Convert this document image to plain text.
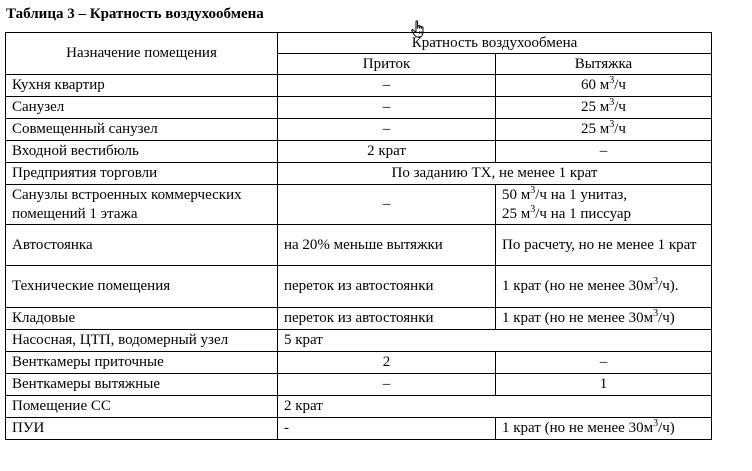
Таблица 3 – Кратность воздухообмена
Назначение помещения	Кратность воздухообмена	
	Приток	Вытяжка
Кухня квартир	–	60 $м^3/ч$
Санузел	–	25 $м^3/ч$
Совмещенный санузел	–	25 $м^3/ч$
Входной вестибюль	2 крат	–
Предприятия торговли	По заданию ТХ, не менее 1 крат	
Санузлы встроенных коммерческих помещений 1 этажа	–	50 $м^3/ч$ на 1 унитаз,
25 $м^3/ч$ на 1 писсуар
Автостоянка	на 20% меньше вытяжки	По расчету, но не менее 1 крат
Технические помещения	переток из автостоянки	1 крат (но не менее $30м^3/ч$).
Кладовые	переток из автостоянки	1 крат (но не менее $30м^3/ч$)
Насосная, ЦТП, водомерный узел	5 крат	
Венткамеры приточные	2	–
Венткамеры вытяжные	–	1
Помещение СС	2 крат	
ПУИ	-	1 крат (но не менее $30м^3/ч$)
